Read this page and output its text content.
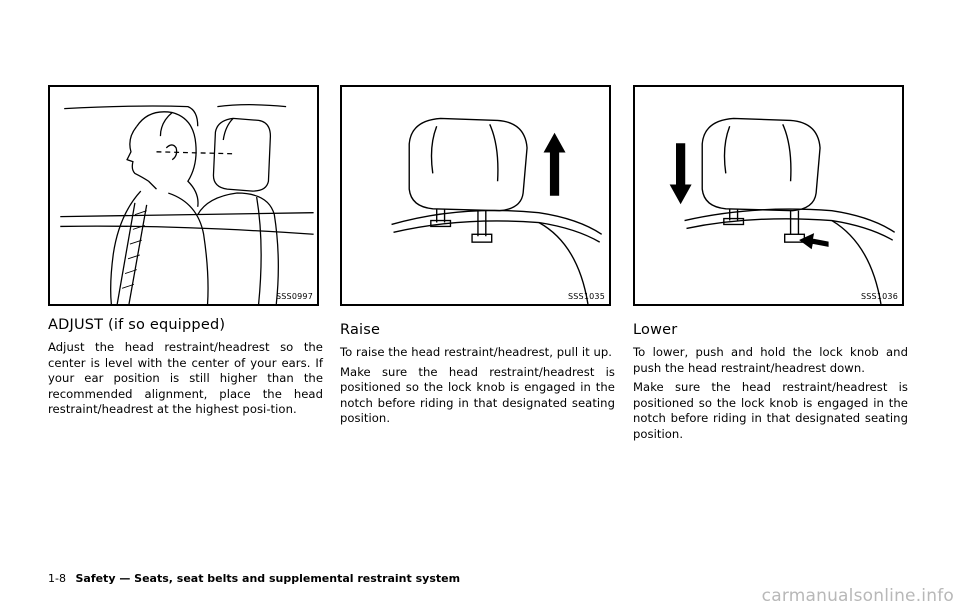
SSS0997
ADJUST (if so equipped)

Adjust the head restraint/headrest so the center is level with the center of your ears. If your ear position is still higher than the recommended alignment, place the head restraint/headrest at the highest posi-tion.

SSS1035
Raise

To raise the head restraint/headrest, pull it up.

Make sure the head restraint/headrest is positioned so the lock knob is engaged in the notch before riding in that designated seating position.

SSS1036
Lower

To lower, push and hold the lock knob and push the head restraint/headrest down.

Make sure the head restraint/headrest is positioned so the lock knob is engaged in the notch before riding in that designated seating position.

1-8 Safety — Seats, seat belts and supplemental restraint system
carmanualsonline.info
